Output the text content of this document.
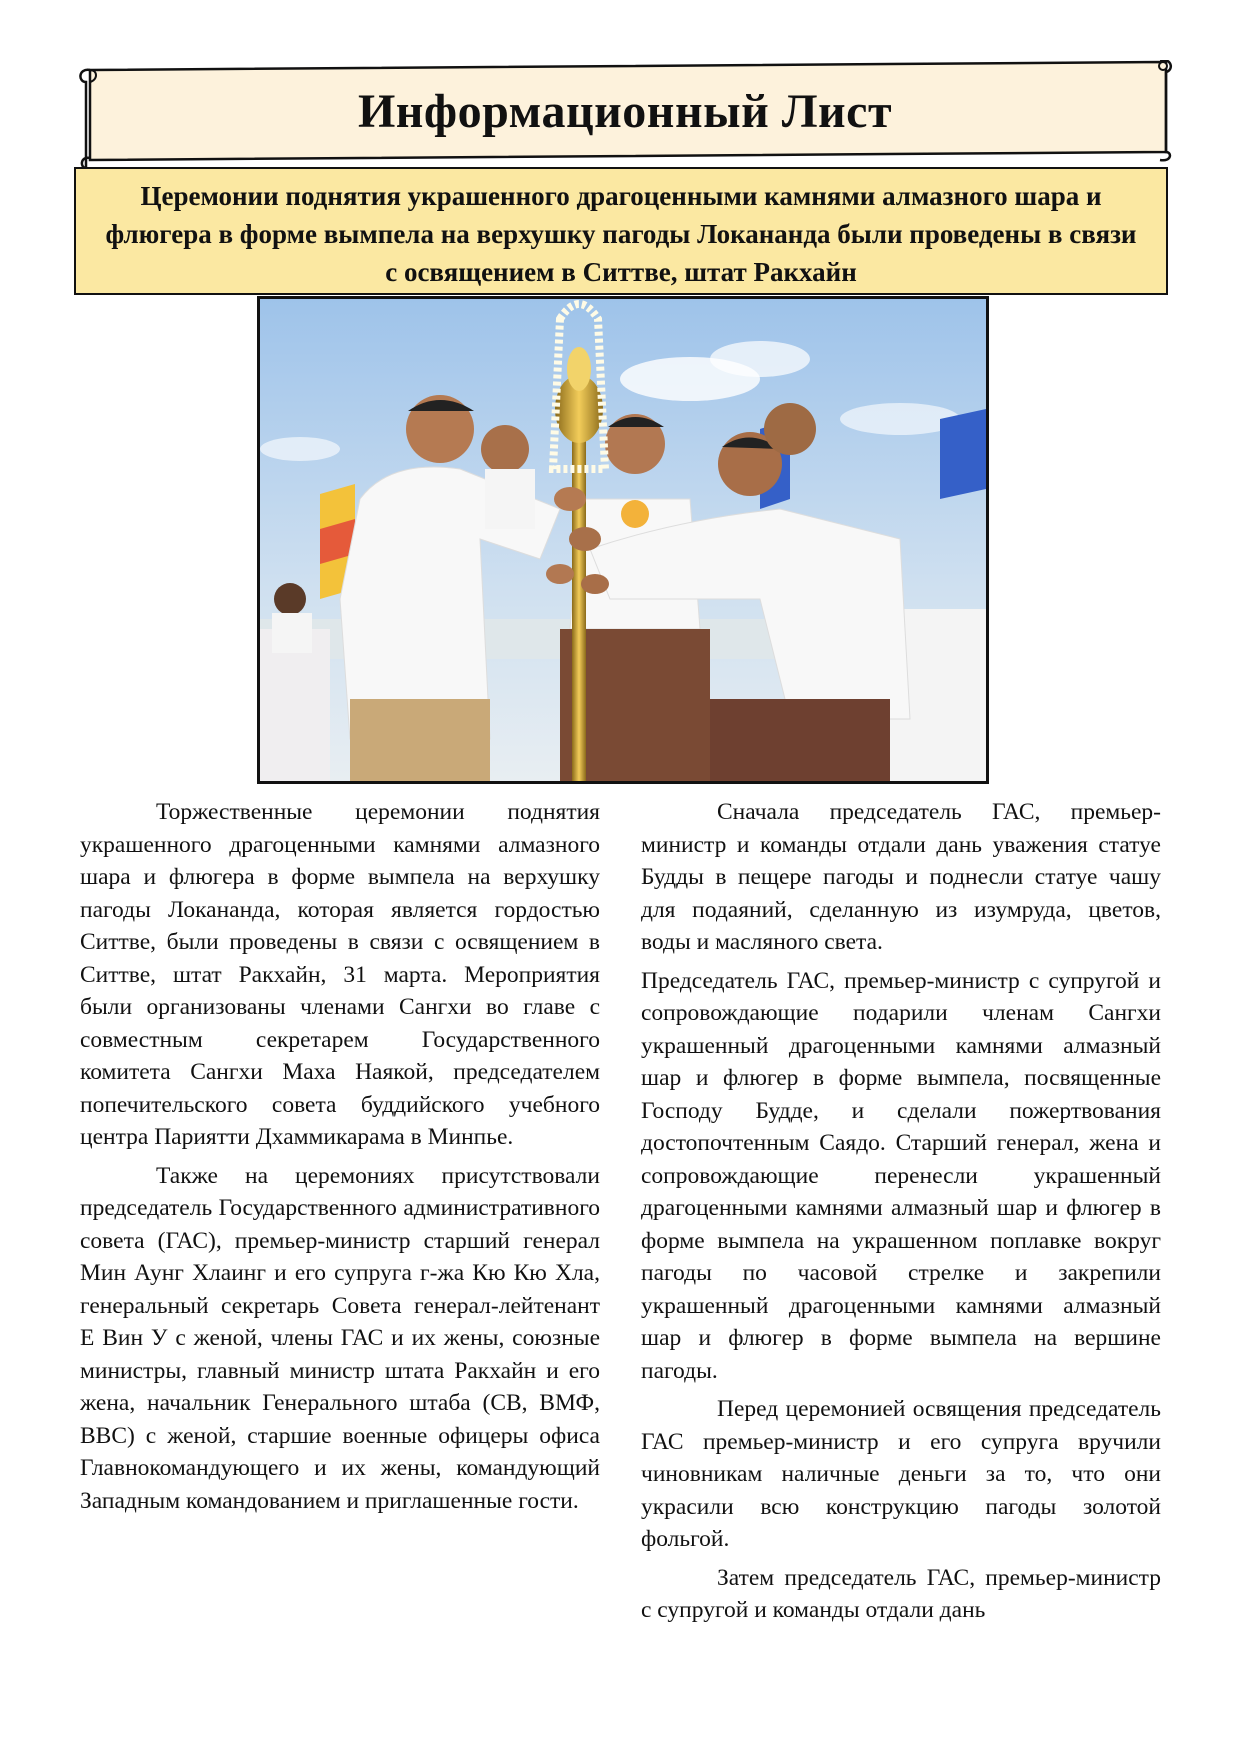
Информационный Лист
Церемонии поднятия украшенного драгоценными камнями алмазного шара и флюгера в форме вымпела на верхушку пагоды Локананда были проведены в связи с освящением в Ситтве, штат Ракхайн

Торжественные церемонии поднятия украшенного драгоценными камнями алмазного шара и флюгера в форме вымпела на верхушку пагоды Локананда, которая является гордостью Ситтве, были проведены в связи с освящением в Ситтве, штат Ракхайн, 31 марта. Мероприятия были организованы членами Сангхи во главе с совместным секретарем Государственного комитета Сангхи Маха Наякой, председателем попечительского совета буддийского учебного центра Париятти Дхаммикарама в Минпье.

Также на церемониях присутствовали председатель Государственного административного совета (ГАС), премьер-министр старший генерал Мин Аунг Хлаинг и его супруга г-жа Кю Кю Хла, генеральный секретарь Совета генерал-лейтенант Е Вин У с женой, члены ГАС и их жены, союзные министры, главный министр штата Ракхайн и его жена, начальник Генерального штаба (СВ, ВМФ, ВВС) с женой, старшие военные офицеры офиса Главнокомандующего и их жены, командующий Западным командованием и приглашенные гости.

Сначала председатель ГАС, премьер-министр и команды отдали дань уважения статуе Будды в пещере пагоды и поднесли статуе чашу для подаяний, сделанную из изумруда, цветов, воды и масляного света.

Председатель ГАС, премьер-министр с супругой и сопровождающие подарили членам Сангхи украшенный драгоценными камнями алмазный шар и флюгер в форме вымпела, посвященные Господу Будде, и сделали пожертвования достопочтенным Саядо. Старший генерал, жена и сопровождающие перенесли украшенный драгоценными камнями алмазный шар и флюгер в форме вымпела на украшенном поплавке вокруг пагоды по часовой стрелке и закрепили украшенный драгоценными камнями алмазный шар и флюгер в форме вымпела на вершине пагоды.

Перед церемонией освящения председатель ГАС премьер-министр и его супруга вручили чиновникам наличные деньги за то, что они украсили всю конструкцию пагоды золотой фольгой.

Затем председатель ГАС, премьер-министр с супругой и команды отдали дань
